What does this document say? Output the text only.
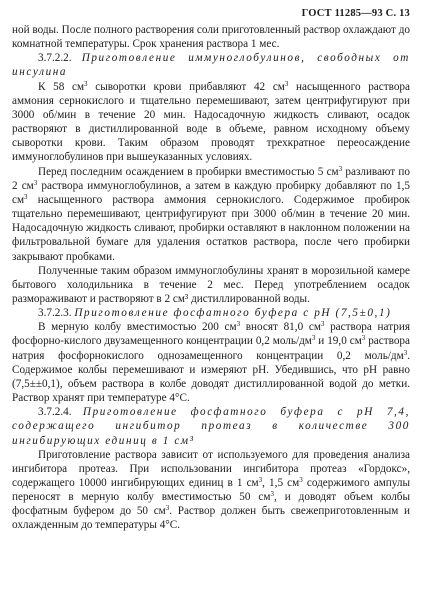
ГОСТ 11285—93 С. 13

ной воды. После полного растворения соли приготовленный раствор охлаждают до комнатной температуры. Срок хранения раствора 1 мес.

3.7.2.2. Приготовление иммуноглобулинов, свободных от инсулина

К 58 $см^3$ сыворотки крови прибавляют 42 $см^3$ насыщенного раствора аммония сернокислого и тщательно перемешивают, затем центрифугируют при 3000 об/мин в течение 20 мин. Надосадочную жидкость сливают, осадок растворяют в дистиллированной воде в объеме, равном исходному объему сыворотки крови. Таким образом проводят трехкратное переосаждение иммуноглобулинов при вышеуказанных условиях.

Перед последним осаждением в пробирки вместимостью 5 $см^3$ разливают по 2 $см^3$ раствора иммуноглобулинов, а затем в каждую пробирку добавляют по 1,5 $см^3$ насыщенного раствора аммония сернокислого. Содержимое пробирок тщательно перемешивают, центрифугируют при 3000 об/мин в течение 20 мин. Надосадочную жидкость сливают, пробирки оставляют в наклонном положении на фильтровальной бумаге для удаления остатков раствора, после чего пробирки закрывают пробками.

Полученные таким образом иммуноглобулины хранят в морозильной камере бытового холодильника в течение 2 мес. Перед употреблением осадок размораживают и растворяют в 2 см³ дистиллированной воды.

3.7.2.3. Приготовление фосфатного буфера с pH (7,5±0,1)

В мерную колбу вместимостью 200 $см^3$ вносят 81,0 $см^3$ раствора натрия фосфорно-кислого двузамещенного концентрации 0,2 моль/$дм^3$ и 19,0 $см^3$ раствора натрия фосфорнокислого однозамещенного концентрации 0,2 моль/$дм^3$. Содержимое колбы перемешивают и измеряют pH. Убедившись, что pH равно (7,5±±0,1), объем раствора в колбе доводят дистиллированной водой до метки. Раствор хранят при температуре 4°С.

3.7.2.4. Приготовление фосфатного буфера с pH 7,4, содержащего ингибитор протеаз в количестве 300 ингибирующих единиц в 1 см³

Приготовление раствора зависит от используемого для проведения анализа ингибитора протеаз. При использовании ингибитора протеаз «Гордокс», содержащего 10000 ингибирующих единиц в 1 $см^3$, 1,5 $см^3$ содержимого ампулы переносят в мерную колбу вместимостью 50 $см^3$, и доводят объем колбы фосфатным буфером до 50 $см^3$. Раствор должен быть свежеприготовленным и охлажденным до температуры 4°С.
